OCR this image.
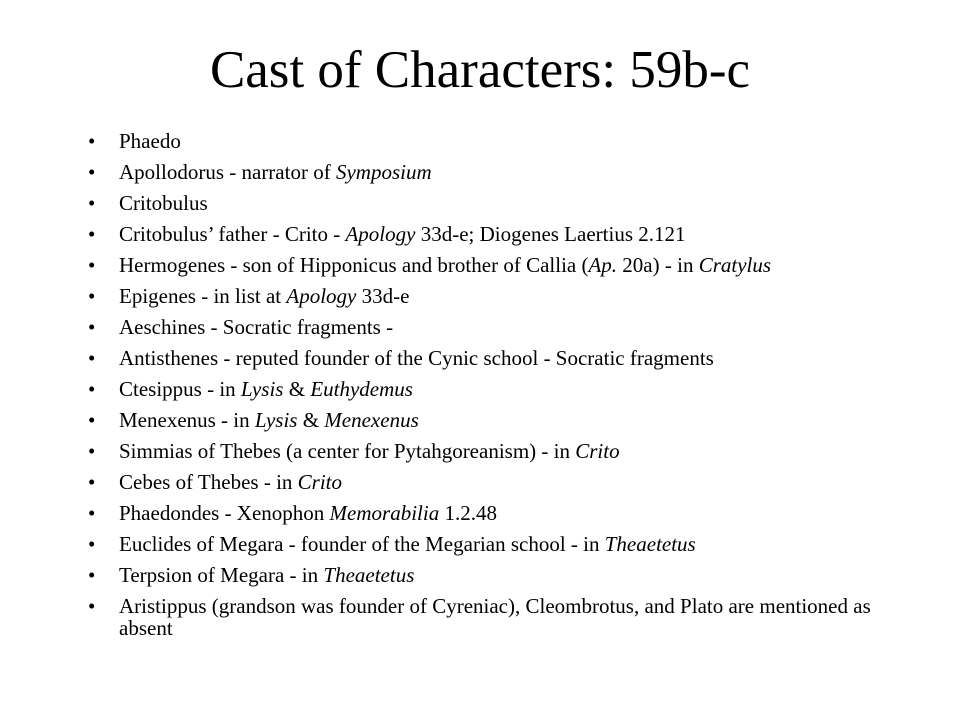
Cast of Characters: 59b-c
•	Phaedo
•	Apollodorus - narrator of Symposium
•	Critobulus
•	Critobulus’ father - Crito - Apology 33d-e; Diogenes Laertius 2.121
•	Hermogenes - son of Hipponicus and brother of Callia (Ap. 20a) - in Cratylus
•	Epigenes - in list at Apology 33d-e
•	Aeschines - Socratic fragments -
•	Antisthenes - reputed founder of the Cynic school - Socratic fragments
•	Ctesippus - in Lysis & Euthydemus
•	Menexenus - in Lysis & Menexenus
•	Simmias of Thebes (a center for Pytahgoreanism) - in Crito
•	Cebes of Thebes - in Crito
•	Phaedondes - Xenophon Memorabilia 1.2.48
•	Euclides of Megara - founder of the Megarian school - in Theaetetus
•	Terpsion of Megara - in Theaetetus
•	Aristippus (grandson was founder of Cyreniac), Cleombrotus, and Plato are mentioned as absent
